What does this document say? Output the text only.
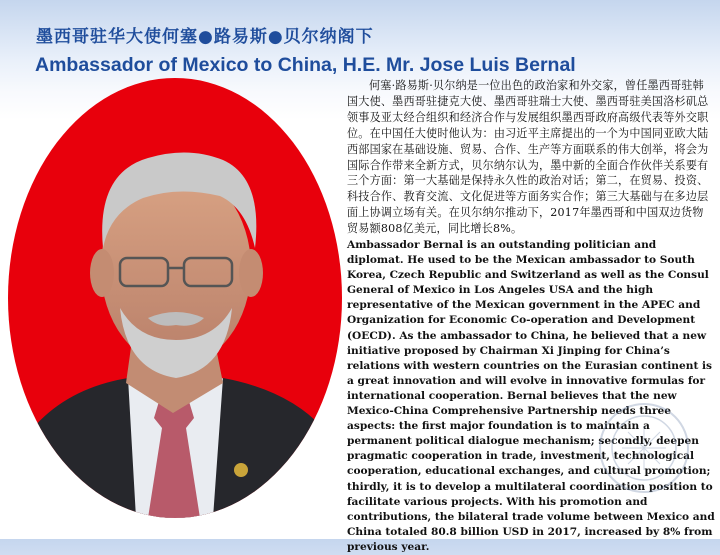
墨西哥驻华大使何塞●路易斯●贝尔纳阁下
Ambassador of Mexico to China, H.E. Mr. Jose Luis Bernal
何塞·路易斯·贝尔纳是一位出色的政治家和外交家，曾任墨西哥驻韩国大使、墨西哥驻捷克大使、墨西哥驻瑞士大使、墨西哥驻美国洛杉矶总领事及亚太经合组织和经济合作与发展组织墨西哥政府高级代表等外交职位。在中国任大使时他认为：由习近平主席提出的一个为中国同亚欧大陆西部国家在基础设施、贸易、合作、生产等方面联系的伟大创举，将会为国际合作带来全新方式，贝尔纳尔认为，墨中新的全面合作伙伴关系要有三个方面：第一大基础是保持永久性的政治对话；第二，在贸易、投资、科技合作、教育交流、文化促进等方面务实合作；第三大基础与在多边层面上协调立场有关。在贝尔纳尔推动下，2017年墨西哥和中国双边货物贸易额808亿美元，同比增长8%。
Ambassador Bernal is an outstanding politician and diplomat. He used to be the Mexican ambassador to South Korea, Czech Republic and Switzerland as well as the Consul General of Mexico in Los Angeles USA and the high representative of the Mexican government in the APEC and Organization for Economic Co-operation and Development (OECD). As the ambassador to China, he believed that a new initiative proposed by Chairman Xi Jinping for China’s relations with western countries on the Eurasian continent is a great innovation and will evolve in innovative formulas for international cooperation. Bernal believes that the new Mexico-China Comprehensive Partnership needs three aspects: the first major foundation is to maintain a permanent political dialogue mechanism; secondly, deepen pragmatic cooperation in trade, investment, technological cooperation, educational exchanges, and cultural promotion; thirdly, it is to develop a multilateral coordination position to facilitate various projects. With his promotion and contributions, the bilateral trade volume between Mexico and China totaled 80.8 billion USD in 2017, increased by 8% from previous year.
